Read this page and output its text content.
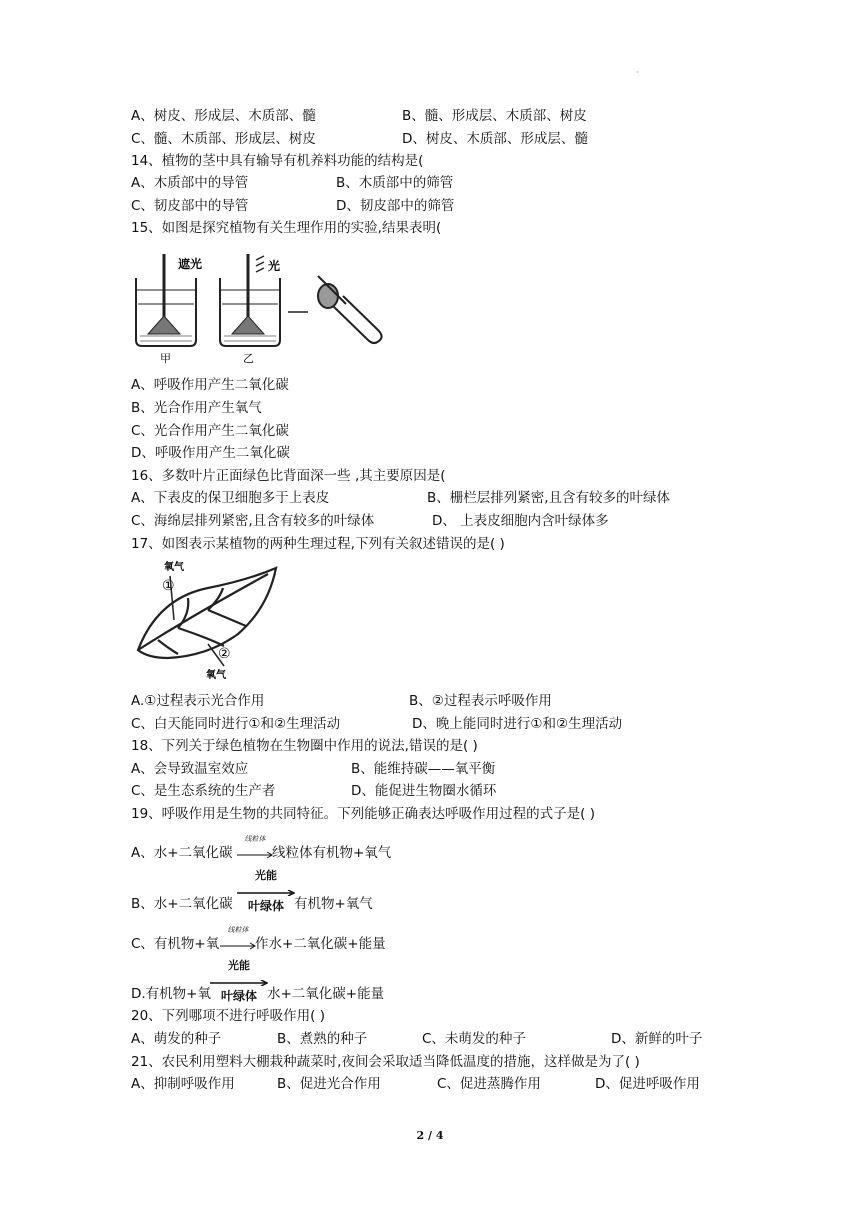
·
A、树皮、形成层、木质部、髓	B、髓、形成层、木质部、树皮
C、髓、木质部、形成层、树皮	D、树皮、木质部、形成层、髓
14、植物的茎中具有输导有机养料功能的结构是(
A、木质部中的导管	B、木质部中的筛管
C、韧皮部中的导管	D、韧皮部中的筛管
15、如图是探究植物有关生理作用的实验,结果表明(
遮光	光
甲	乙
A、呼吸作用产生二氧化碳
B、光合作用产生氧气
C、光合作用产生二氧化碳
D、呼吸作用产生二氧化碳
16、多数叶片正面绿色比背面深一些 ,其主要原因是(
A、下表皮的保卫细胞多于上表皮	B、栅栏层排列紧密,且含有较多的叶绿体
C、海绵层排列紧密,且含有较多的叶绿体	D、 上表皮细胞内含叶绿体多
17、如图表示某植物的两种生理过程,下列有关叙述错误的是( )
氧气
①
②
氧气
A.①过程表示光合作用	B、②过程表示呼吸作用
C、白天能同时进行①和②生理活动	D、晚上能同时进行①和②生理活动
18、下列关于绿色植物在生物圈中作用的说法,错误的是( )
A、会导致温室效应	B、能维持碳——氧平衡
C、是生态系统的生产者	D、能促进生物圈水循环
19、呼吸作用是生物的共同特征。下列能够正确表达呼吸作用过程的式子是( )
A、水+二氧化碳
线粒体
线粒体有机物+氧气
B、水+二氧化碳
光能
叶绿体 有机物+氧气
C、有机物+氧
线粒体
作水+二氧化碳+能量
D.有机物+氧
光能
叶绿体 水+二氧化碳+能量
20、下列哪项不进行呼吸作用( )
A、萌发的种子	B、煮熟的种子	C、未萌发的种子	D、新鲜的叶子
21、农民利用塑料大棚栽种蔬菜时,夜间会采取适当降低温度的措施，这样做是为了( )
A、抑制呼吸作用	B、促进光合作用	C、促进蒸腾作用	D、促进呼吸作用
2 / 4
